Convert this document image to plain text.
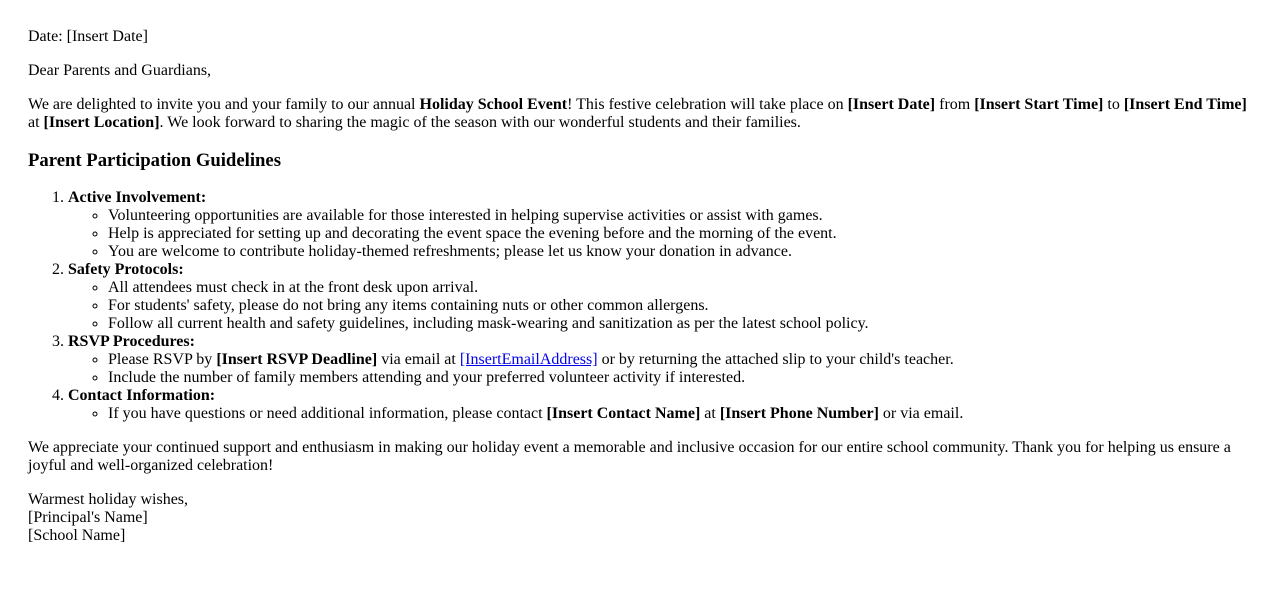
Date: [Insert Date]

Dear Parents and Guardians,

We are delighted to invite you and your family to our annual Holiday School Event! This festive celebration will take place on [Insert Date] from [Insert Start Time] to [Insert End Time] at [Insert Location]. We look forward to sharing the magic of the season with our wonderful students and their families.

Parent Participation Guidelines
1. Active Involvement:
◦ Volunteering opportunities are available for those interested in helping supervise activities or assist with games.
◦ Help is appreciated for setting up and decorating the event space the evening before and the morning of the event.
◦ You are welcome to contribute holiday-themed refreshments; please let us know your donation in advance.
2. Safety Protocols:
◦ All attendees must check in at the front desk upon arrival.
◦ For students' safety, please do not bring any items containing nuts or other common allergens.
◦ Follow all current health and safety guidelines, including mask-wearing and sanitization as per the latest school policy.
3. RSVP Procedures:
◦ Please RSVP by [Insert RSVP Deadline] via email at [InsertEmailAddress] or by returning the attached slip to your child's teacher.
◦ Include the number of family members attending and your preferred volunteer activity if interested.
4. Contact Information:
◦ If you have questions or need additional information, please contact [Insert Contact Name] at [Insert Phone Number] or via email.

We appreciate your continued support and enthusiasm in making our holiday event a memorable and inclusive occasion for our entire school community. Thank you for helping us ensure a joyful and well-organized celebration!

Warmest holiday wishes,
[Principal's Name]
[School Name]
